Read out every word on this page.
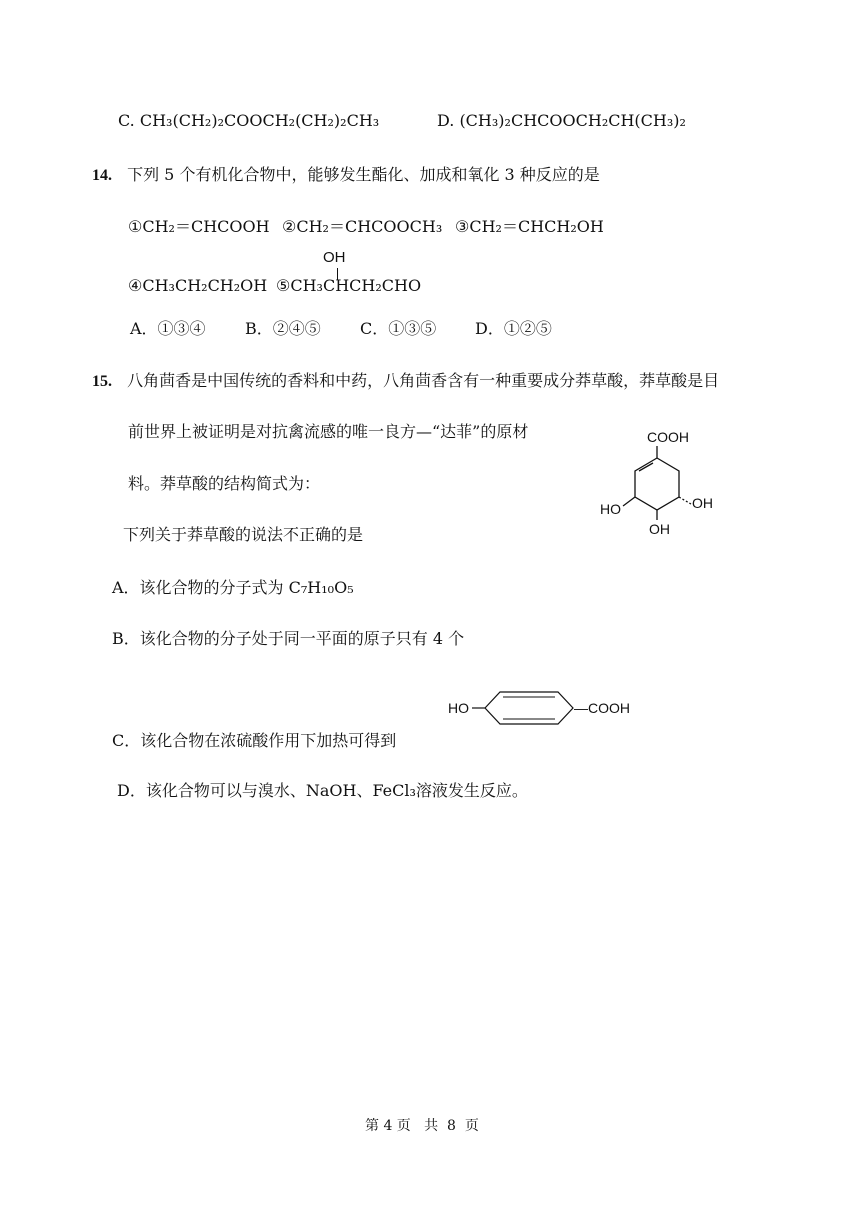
C. CH₃(CH₂)₂COOCH₂(CH₂)₂CH₃	D. (CH₃)₂CHCOOCH₂CH(CH₃)₂
14. 下列 5 个有机化合物中，能够发生酯化、加成和氧化 3 种反应的是
①CH₂＝CHCOOH ②CH₂＝CHCOOCH₃ ③CH₂＝CHCH₂OH
④CH₃CH₂CH₂OH
OH
⑤CH₃CHCH₂CHO
A．①③④ B．②④⑤ C．①③⑤ D．①②⑤
15. 八角茴香是中国传统的香料和中药，八角茴香含有一种重要成分莽草酸，莽草酸是目
前世界上被证明是对抗禽流感的唯一良方—“达菲”的原材
料。莽草酸的结构简式为：
下列关于莽草酸的说法不正确的是
COOH
HO	OH
OH
A．该化合物的分子式为 C₇H₁₀O₅
B．该化合物的分子处于同一平面的原子只有 4 个
HO	—COOH
C．该化合物在浓硫酸作用下加热可得到
D．该化合物可以与溴水、NaOH、FeCl₃溶液发生反应。
第 4 页   共  8  页
